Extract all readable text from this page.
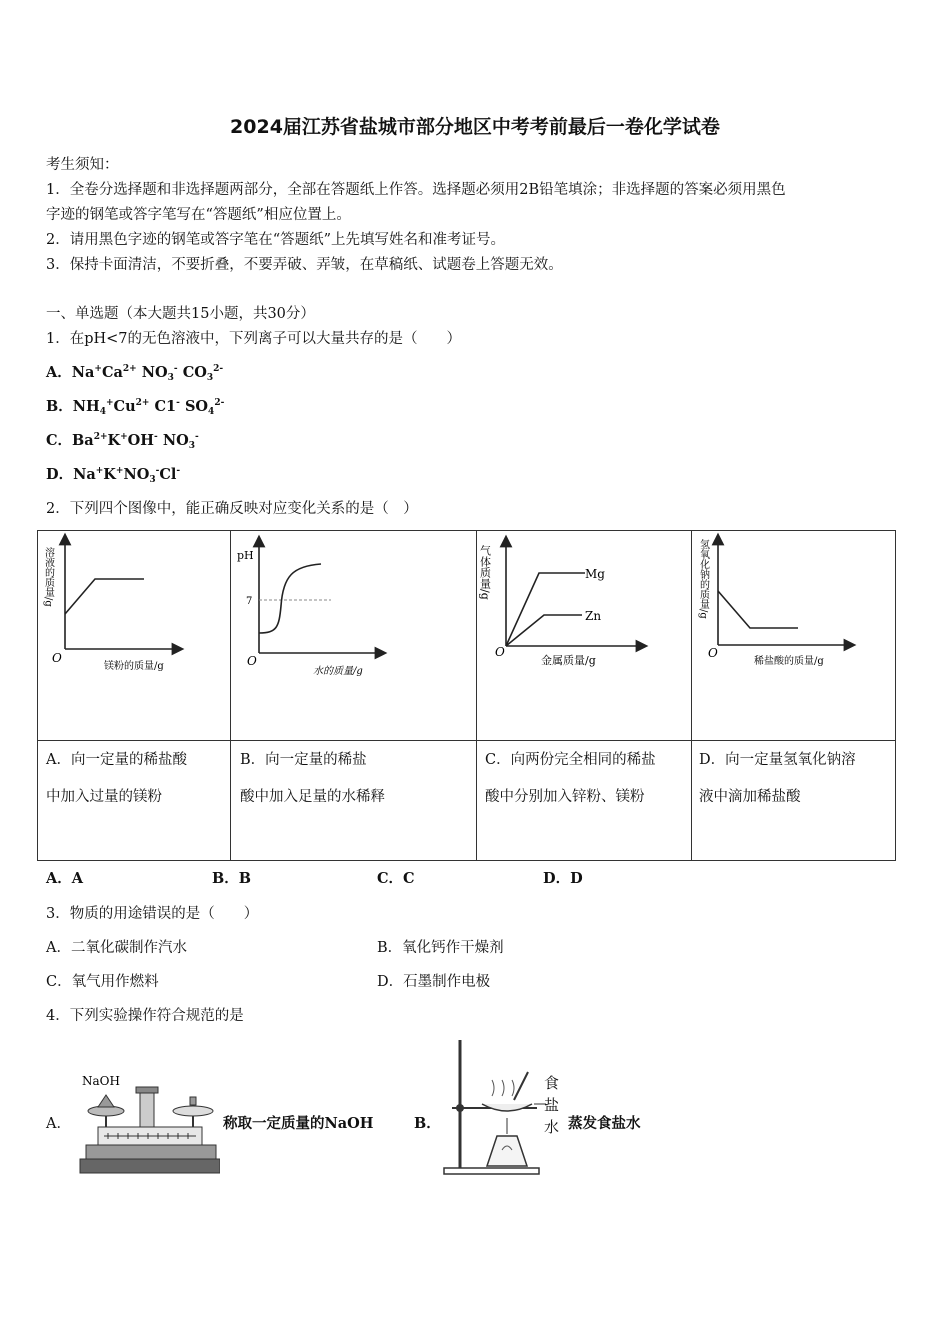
2024届江苏省盐城市部分地区中考考前最后一卷化学试卷
考生须知：
1．全卷分选择题和非选择题两部分，全部在答题纸上作答。选择题必须用2B铅笔填涂；非选择题的答案必须用黑色
字迹的钢笔或答字笔写在“答题纸”相应位置上。
2．请用黑色字迹的钢笔或答字笔在“答题纸”上先填写姓名和准考证号。
3．保持卡面清洁，不要折叠，不要弄破、弄皱，在草稿纸、试题卷上答题无效。
一、单选题（本大题共15小题，共30分）
1．在pH<7的无色溶液中，下列离子可以大量共存的是（　　）
A．$Na^+Ca^{2+}$ $NO_3^-$ $CO_3^{2-}$
B．$NH_4^+Cu^{2+}$ C1- $SO_4^{2-}$
C．$Ba^{2+}K^+OH^-$ $NO_3^-$
D．$Na^+K^+NO_3^-Cl^-$
2．下列四个图像中，能正确反映对应变化关系的是（　）
溶液的质量/g
O
镁粉的质量/g
pH
7
O
水的质量/g
气体质量/g	Mg
Zn
O
金属质量/g
氢氧化钠的质量/g
O
稀盐酸的质量/g
A．向一定量的稀盐酸
中加入过量的镁粉
B．向一定量的稀盐
酸中加入足量的水稀释
C．向两份完全相同的稀盐
酸中分别加入锌粉、镁粉
D．向一定量氢氧化钠溶
液中滴加稀盐酸
A．A	B．B	C．C	D．D
3．物质的用途错误的是（　　）
A．二氧化碳制作汽水	B．氧化钙作干燥剂
C．氧气用作燃料	D．石墨制作电极
4．下列实验操作符合规范的是
A．
NaOH
称取一定质量的NaOH	B．
食盐水 蒸发食盐水
